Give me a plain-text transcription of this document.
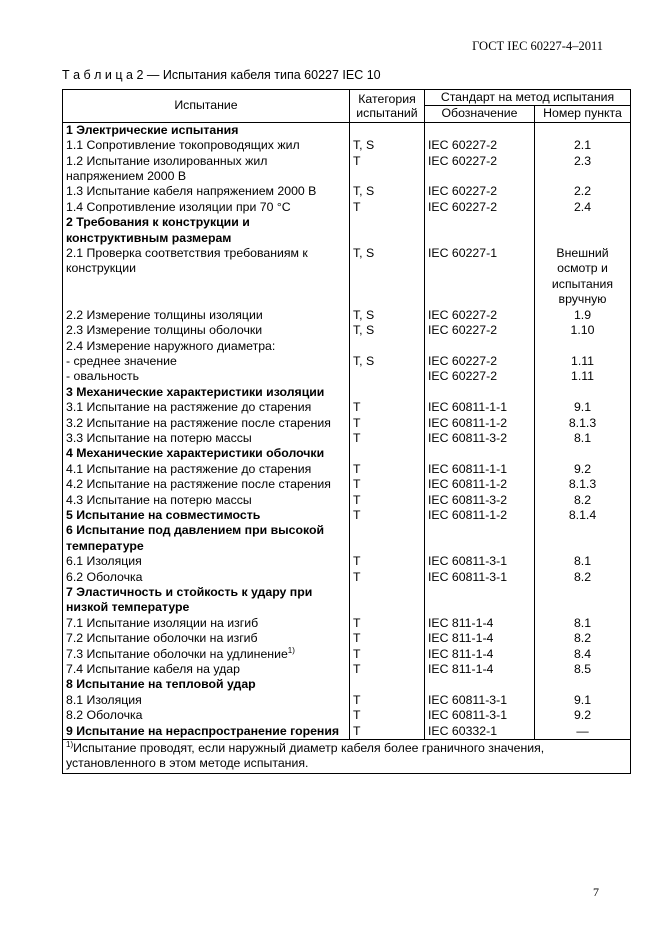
ГОСТ IEC 60227-4–2011
Т а б л и ц а 2 — Испытания кабеля типа 60227 IEC 10
Испытание	Категория испытаний	Стандарт на метод испытания	
		Обозначение	Номер пункта
1 Электрические испытания			
1.1 Сопротивление токопроводящих жил	T, S	IEC 60227-2	2.1
1.2 Испытание изолированных жил напряжением 2000 В	T	IEC 60227-2	2.3
1.3 Испытание кабеля напряжением 2000 В	T, S	IEC 60227-2	2.2
1.4 Сопротивление изоляции при 70 °С	T	IEC 60227-2	2.4
2 Требования к конструкции и конструктивным размерам			
2.1 Проверка соответствия требованиям к конструкции	T, S	IEC 60227-1	Внешний осмотр и испытания вручную
2.2 Измерение толщины изоляции	T, S	IEC 60227-2	1.9
2.3 Измерение толщины оболочки	T, S	IEC 60227-2	1.10
2.4 Измерение наружного диаметра:			
- среднее значение	T, S	IEC 60227-2	1.11
- овальность		IEC 60227-2	1.11
3 Механические характеристики изоляции			
3.1 Испытание на растяжение до старения	T	IEC 60811-1-1	9.1
3.2 Испытание на растяжение после старения	T	IEC 60811-1-2	8.1.3
3.3 Испытание на потерю массы	T	IEC 60811-3-2	8.1
4 Механические характеристики оболочки			
4.1 Испытание на растяжение до старения	T	IEC 60811-1-1	9.2
4.2 Испытание на растяжение после старения	T	IEC 60811-1-2	8.1.3
4.3 Испытание на потерю массы	T	IEC 60811-3-2	8.2
5 Испытание на совместимость	T	IEC 60811-1-2	8.1.4
6 Испытание под давлением при высокой температуре			
6.1 Изоляция	T	IEC 60811-3-1	8.1
6.2 Оболочка	T	IEC 60811-3-1	8.2
7 Эластичность и стойкость к удару при низкой температуре			
7.1 Испытание изоляции на изгиб	T	IEC 811-1-4	8.1
7.2 Испытание оболочки на изгиб	T	IEC 811-1-4	8.2
7.3 Испытание оболочки на удлинение$^{1)}$	T	IEC 811-1-4	8.4
7.4 Испытание кабеля на удар	T	IEC 811-1-4	8.5
8 Испытание на тепловой удар			
8.1 Изоляция	T	IEC 60811-3-1	9.1
8.2 Оболочка	T	IEC 60811-3-1	9.2
9 Испытание на нераспространение горения	T	IEC 60332-1	—
$^{1)}$Испытание проводят, если наружный диаметр кабеля более граничного значения, установленного в этом методе испытания.			
7
